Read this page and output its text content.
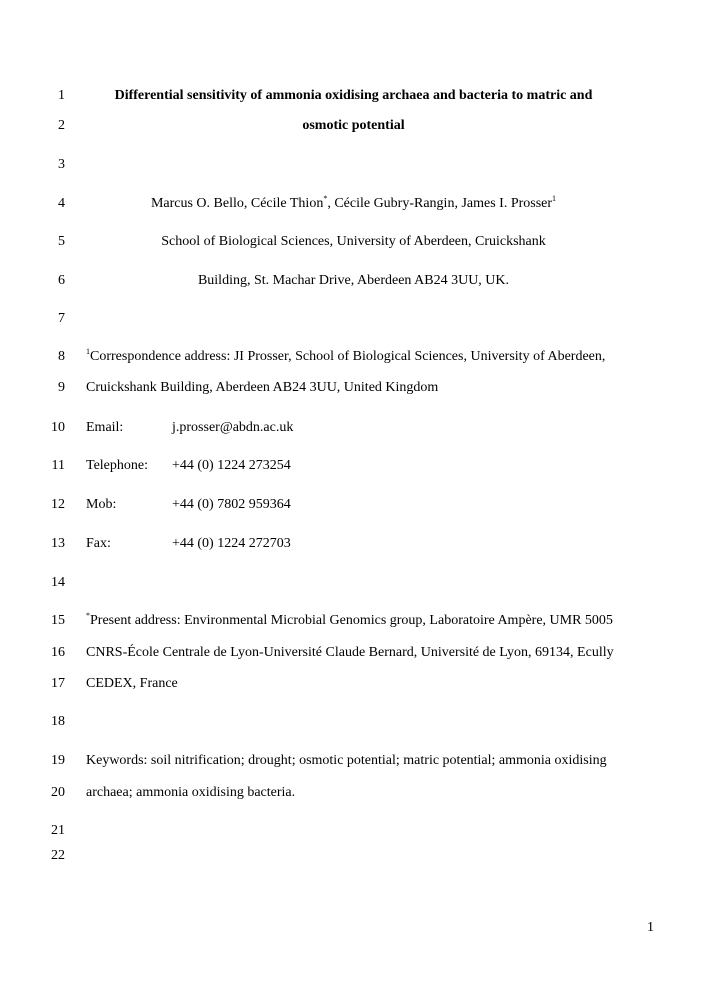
1
2
3
4
5
6
7
8
9
10
11
12
13
14
15
16
17
18
19
20
21
22
Differential sensitivity of ammonia oxidising archaea and bacteria to matric and
osmotic potential
Marcus O. Bello, Cécile Thion*, Cécile Gubry-Rangin, James I. Prosser$^1$
School of Biological Sciences, University of Aberdeen, Cruickshank
Building, St. Machar Drive, Aberdeen AB24 3UU, UK.
$^1$Correspondence address: JI Prosser, School of Biological Sciences, University of Aberdeen,
Cruickshank Building, Aberdeen AB24 3UU, United Kingdom
Email:	j.prosser@abdn.ac.uk
Telephone: +44 (0) 1224 273254
Mob:	+44 (0) 7802 959364
Fax:	+44 (0) 1224 272703
*Present address: Environmental Microbial Genomics group, Laboratoire Ampère, UMR 5005
CNRS-École Centrale de Lyon-Université Claude Bernard, Université de Lyon, 69134, Ecully
CEDEX, France
Keywords: soil nitrification; drought; osmotic potential; matric potential; ammonia oxidising
archaea; ammonia oxidising bacteria.
1
